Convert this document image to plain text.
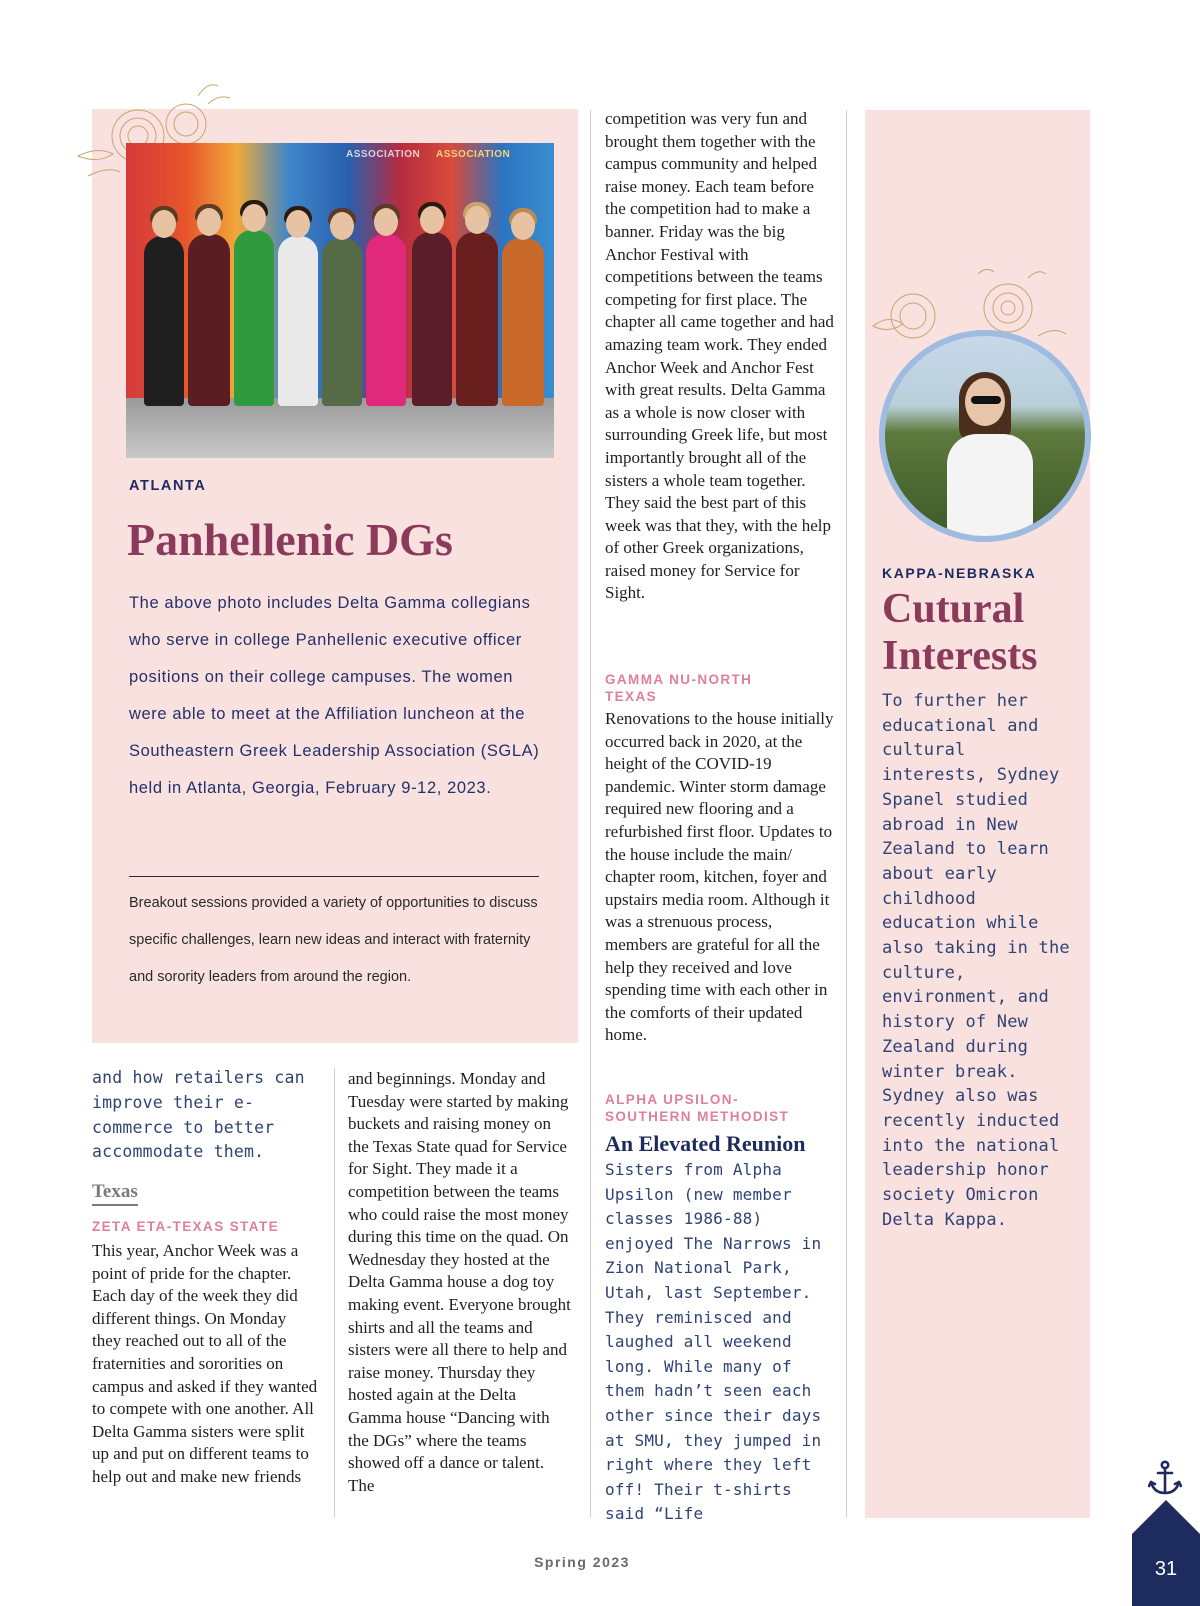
ASSOCIATION ASSOCIATION
ATLANTA
Panhellenic DGs
The above photo includes Delta Gamma collegians who serve in college Panhellenic executive officer positions on their college campuses. The women were able to meet at the Affiliation luncheon at the Southeastern Greek Leadership Association (SGLA) held in Atlanta, Georgia, February 9-12, 2023.
Breakout sessions provided a variety of opportunities to discuss specific challenges, learn new ideas and interact with fraternity and sorority leaders from around the region.
and how retailers can improve their e-commerce to better accommodate them.
Texas
ZETA ETA-TEXAS STATE
This year, Anchor Week was a point of pride for the chapter. Each day of the week they did different things. On Monday they reached out to all of the fraternities and sororities on campus and asked if they wanted to compete with one another. All Delta Gamma sisters were split up and put on different teams to help out and make new friends
and beginnings. Monday and Tuesday were started by making buckets and raising money on the Texas State quad for Service for Sight. They made it a competition between the teams who could raise the most money during this time on the quad. On Wednesday they hosted at the Delta Gamma house a dog toy making event. Everyone brought shirts and all the teams and sisters were all there to help and raise money. Thursday they hosted again at the Delta Gamma house “Dancing with the DGs” where the teams showed off a dance or talent. The
competition was very fun and brought them together with the campus community and helped raise money. Each team before the competition had to make a banner. Friday was the big Anchor Festival with competitions between the teams competing for first place. The chapter all came together and had amazing team work. They ended Anchor Week and Anchor Fest with great results. Delta Gamma as a whole is now closer with surrounding Greek life, but most importantly brought all of the sisters a whole team together. They said the best part of this week was that they, with the help of other Greek organizations, raised money for Service for Sight.
GAMMA NU-NORTH TEXAS
Renovations to the house initially occurred back in 2020, at the height of the COVID-19 pandemic. Winter storm damage required new flooring and a refurbished first floor. Updates to the house include the main/ chapter room, kitchen, foyer and upstairs media room. Although it was a strenuous process, members are grateful for all the help they received and love spending time with each other in the comforts of their updated home.
ALPHA UPSILON-SOUTHERN METHODIST
An Elevated Reunion
Sisters from Alpha Upsilon (new member classes 1986-88) enjoyed The Narrows in Zion National Park, Utah, last September. They reminisced and laughed all weekend long. While many of them hadn’t seen each other since their days at SMU, they jumped in right where they left off! Their t-shirts said “Life
KAPPA-NEBRASKA
Cutural Interests
To further her educational and cultural interests, Sydney Spanel studied abroad in New Zealand to learn about early childhood education while also taking in the culture, environment, and history of New Zealand during winter break. Sydney also was recently inducted into the national leadership honor society Omicron Delta Kappa.
Spring 2023	31
